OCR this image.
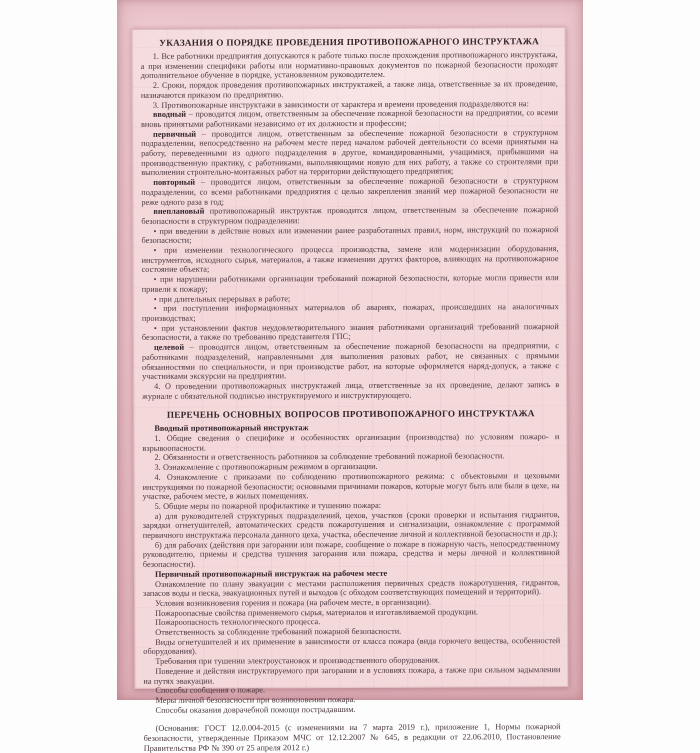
УКАЗАНИЯ О ПОРЯДКЕ ПРОВЕДЕНИЯ ПРОТИВОПОЖАРНОГО ИНСТРУКТАЖА

1. Все работники предприятия допускаются к работе только после прохождения противопожарного инструктажа, а при изменении специфики работы или нормативно-правовых документов по пожарной безопасности проходят дополнительное обучение в порядке, установленном руководителем.

2. Сроки, порядок проведения противопожарных инструктажей, а также лица, ответственные за их проведение, назначаются приказом по предприятию.

3. Противопожарные инструктажи в зависимости от характера и времени проведения подразделяются на:

вводный – проводится лицом, ответственным за обеспечение пожарной безопасности на предприятии, со всеми вновь принятыми работниками независимо от их должности и профессии;

первичный – проводится лицом, ответственным за обеспечение пожарной безопасности в структурном подразделении, непосредственно на рабочем месте перед началом рабочей деятельности со всеми принятыми на работу, переведенными из одного подразделения в другое, командированными, учащимися, прибывшими на производственную практику, с работниками, выполняющими новую для них работу, а также со строителями при выполнении строительно-монтажных работ на территории действующего предприятия;

повторный – проводится лицом, ответственным за обеспечение пожарной безопасности в структурном подразделении, со всеми работниками предприятия с целью закрепления знаний мер пожарной безопасности не реже одного раза в год;

внеплановый противопожарный инструктаж проводится лицом, ответственным за обеспечение пожарной безопасности в структурном подразделении:

• при введении в действие новых или изменении ранее разработанных правил, норм, инструкций по пожарной безопасности;

• при изменении технологического процесса производства, замене или модернизации оборудования, инструментов, исходного сырья, материалов, а также изменении других факторов, влияющих на противопожарное состояние объекта;

• при нарушении работниками организации требований пожарной безопасности, которые могли привести или привели к пожару;

• при длительных перерывах в работе;

• при поступлении информационных материалов об авариях, пожарах, происшедших на аналогичных производствах;

• при установлении фактов неудовлетворительного знания работниками организаций требований пожарной безопасности, а также по требованию представителя ГПС;

целевой – проводится лицом, ответственным за обеспечение пожарной безопасности на предприятии, с работниками подразделений, направленными для выполнения разовых работ, не связанных с прямыми обязанностями по специальности, и при производстве работ, на которые оформляется наряд-допуск, а также с участниками экскурсии на предприятии.

4. О проведении противопожарных инструктажей лица, ответственные за их проведение, делают запись в журнале с обязательной подписью инструктируемого и инструктирующего.

ПЕРЕЧЕНЬ ОСНОВНЫХ ВОПРОСОВ ПРОТИВОПОЖАРНОГО ИНСТРУКТАЖА

Вводный противопожарный инструктаж

1. Общие сведения о специфике и особенностях организации (производства) по условиям пожаро- и взрывоопасности.

2. Обязанности и ответственность работников за соблюдение требований пожарной безопасности.

3. Ознакомление с противопожарным режимом в организации.

4. Ознакомление с приказами по соблюдению противопожарного режима: с объектовыми и цеховыми инструкциями по пожарной безопасности; основными причинами пожаров, которые могут быть или были в цехе, на участке, рабочем месте, в жилых помещениях.

5. Общие меры по пожарной профилактике и тушению пожара:

а) для руководителей структурных подразделений, цехов, участков (сроки проверки и испытания гидрантов, зарядки огнетушителей, автоматических средств пожаротушения и сигнализации, ознакомление с программой первичного инструктажа персонала данного цеха, участка, обеспечение личной и коллективной безопасности и др.);

б) для рабочих (действия при загорании или пожаре, сообщение о пожаре в пожарную часть, непосредственному руководителю, приемы и средства тушения загорания или пожара, средства и меры личной и коллективной безопасности).

Первичный противопожарный инструктаж на рабочем месте

Ознакомление по плану эвакуации с местами расположения первичных средств пожаротушения, гидрантов, запасов воды и песка, эвакуационных путей и выходов (с обходом соответствующих помещений и территорий).

Условия возникновения горения и пожара (на рабочем месте, в организации).

Пожароопасные свойства применяемого сырья, материалов и изготавливаемой продукции.

Пожароопасность технологического процесса.

Ответственность за соблюдение требований пожарной безопасности.

Виды огнетушителей и их применение в зависимости от класса пожара (вида горючего вещества, особенностей оборудования).

Требования при тушении электроустановок и производственного оборудования.

Поведение и действия инструктируемого при загорании и в условиях пожара, а также при сильном задымлении на путях эвакуации.

Способы сообщения о пожаре.

Меры личной безопасности при возникновении пожара.

Способы оказания доврачебной помощи пострадавшим.

(Основания: ГОСТ 12.0.004-2015 (с изменениями на 7 марта 2019 г.), приложение 1, Нормы пожарной безопасности, утвержденные Приказом МЧС от 12.12.2007 № 645, в редакции от 22.06.2010, Постановление Правительства РФ № 390 от 25 апреля 2012 г.)
